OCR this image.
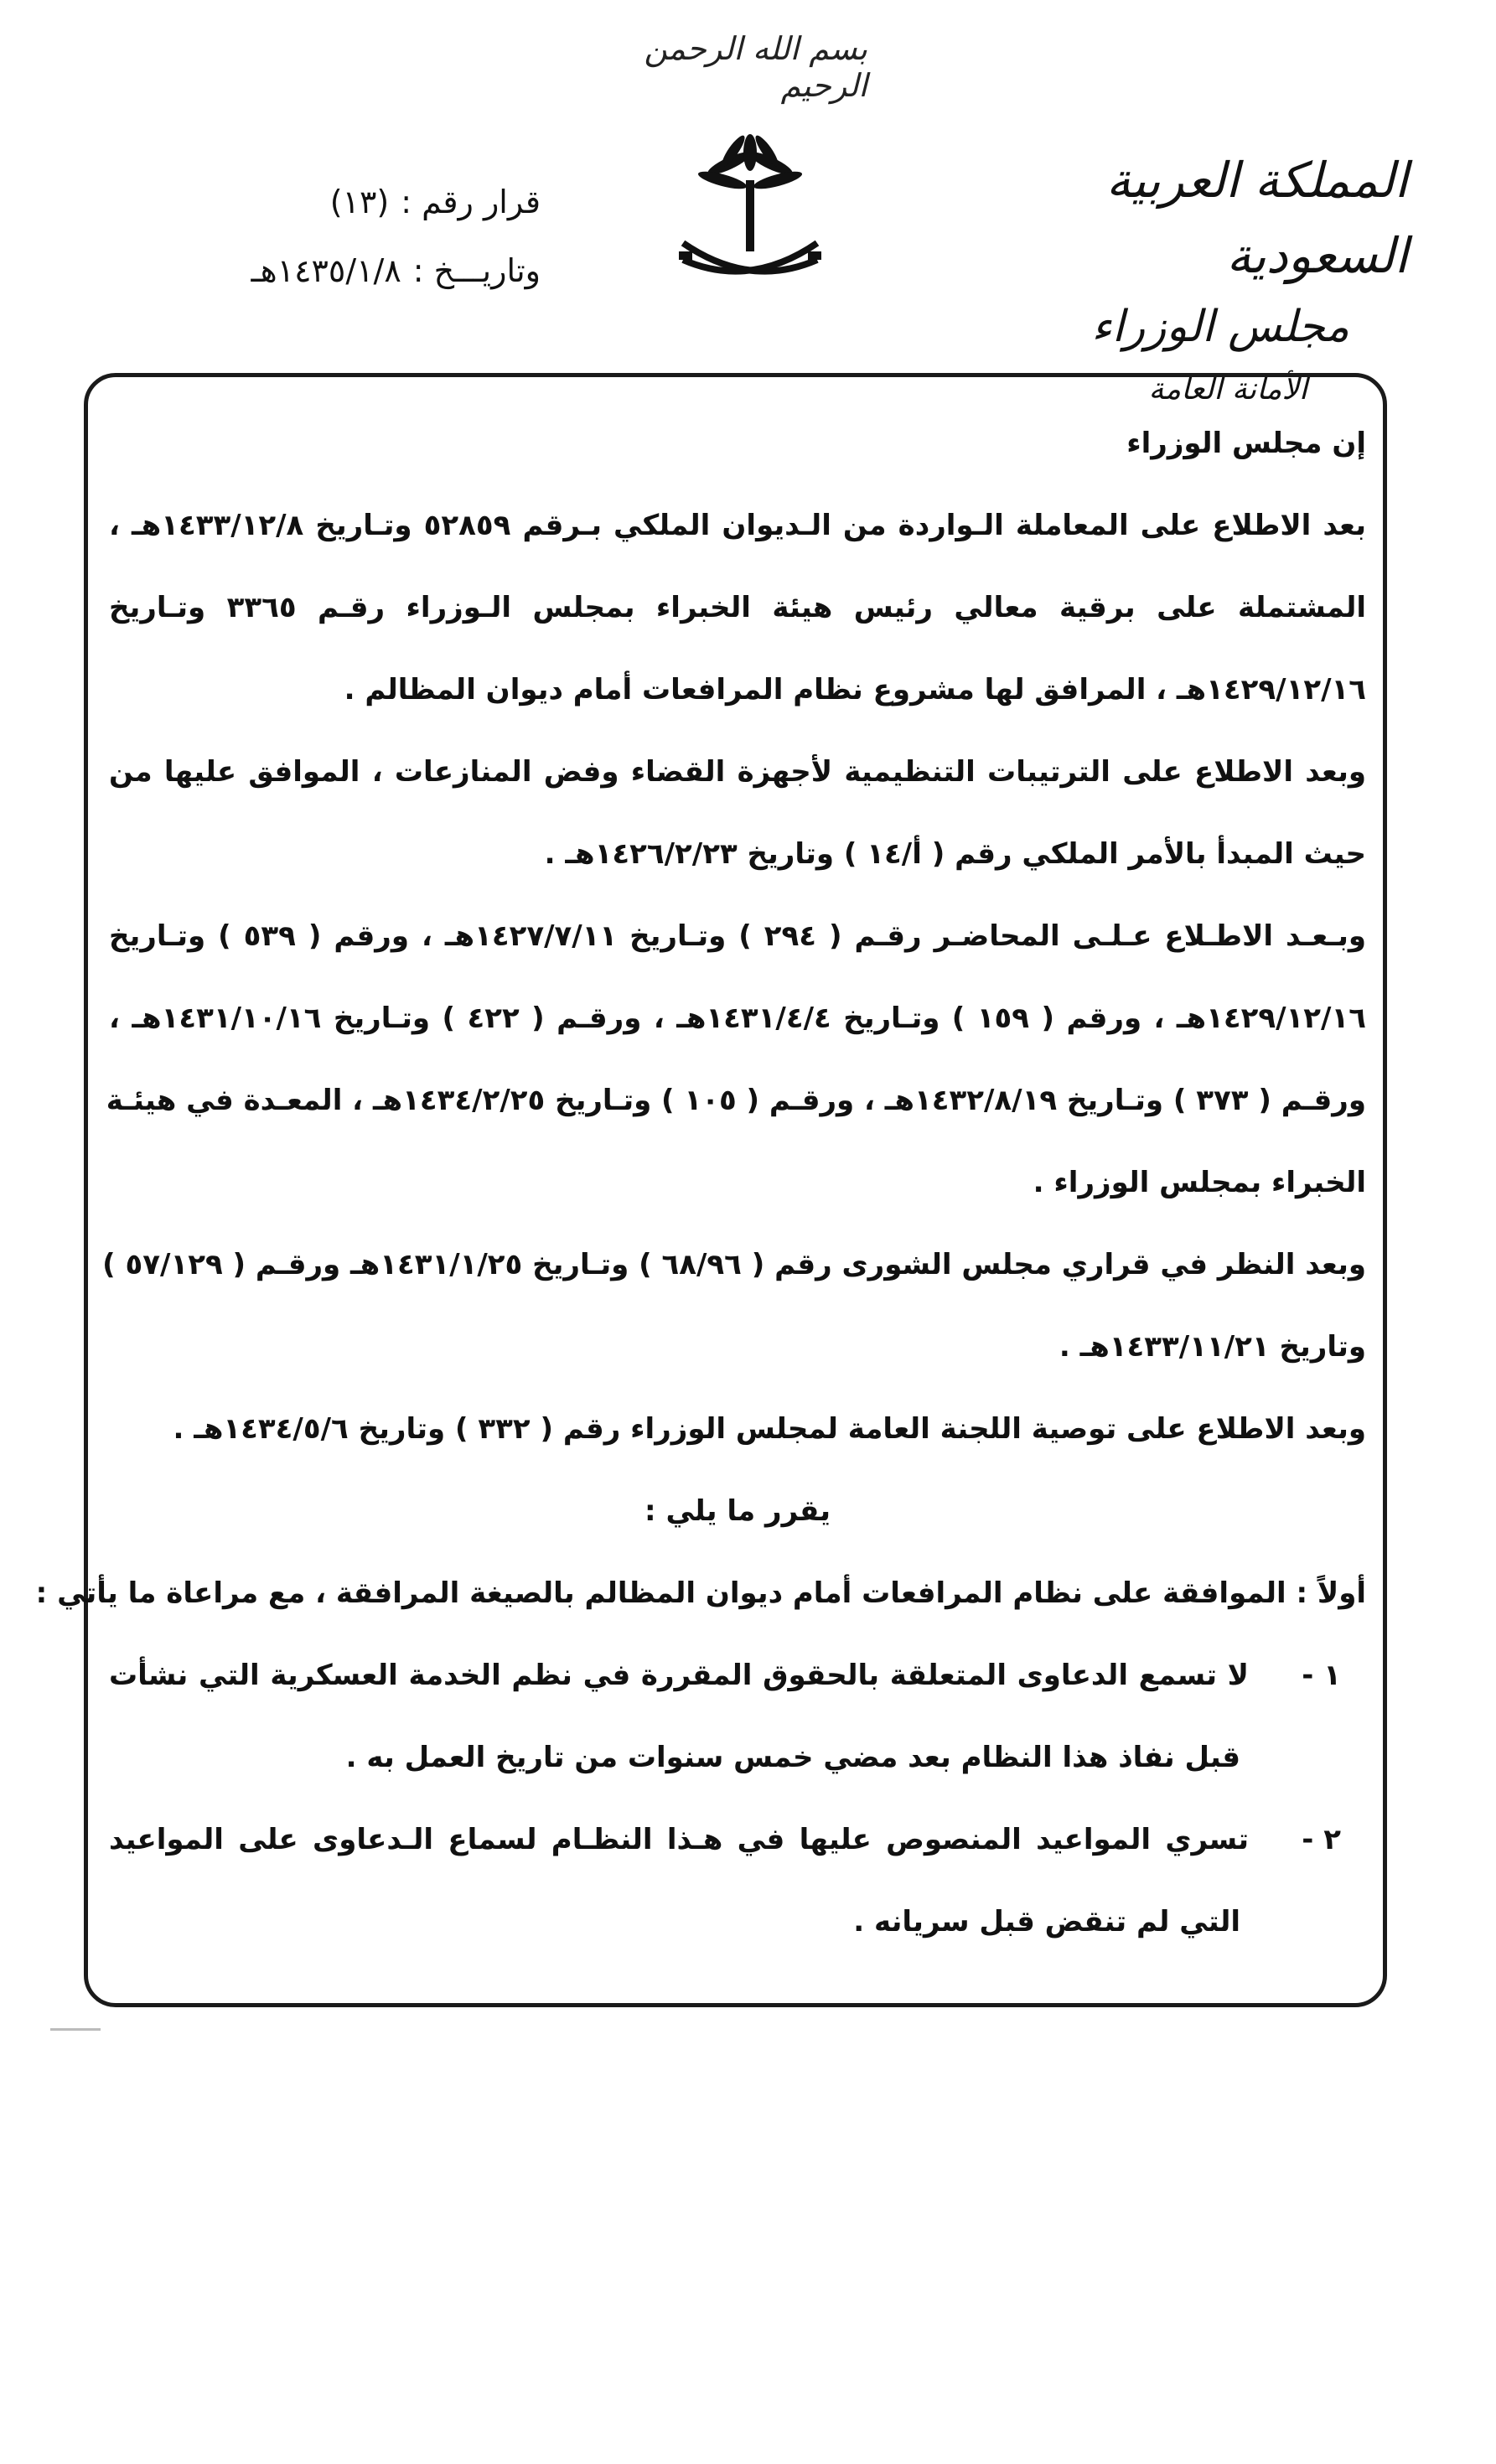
بسم الله الرحمن الرحيم
المملكة العربية السعودية
مجلس الوزراء
الأمانة العامة
قرار رقم :
(١٣)
وتاريـــخ :
١٤٣٥/١/٨هـ
إن مجلس الوزراء
بعد الاطلاع على المعاملة الـواردة من الـديوان الملكي بـرقم ٥٢٨٥٩ وتـاريخ ١٤٣٣/١٢/٨هـ ،
المشتملة على برقية معالي رئيس هيئة الخبراء بمجلس الـوزراء رقـم ٣٣٦٥ وتـاريخ
١٤٢٩/١٢/١٦هـ ، المرافق لها مشروع نظام المرافعات أمام ديوان المظالم .
وبعد الاطلاع على الترتيبات التنظيمية لأجهزة القضاء وفض المنازعات ، الموافق عليها من
حيث المبدأ بالأمر الملكي رقم ( أ/١٤ ) وتاريخ ١٤٢٦/٢/٢٣هـ .
وبـعـد الاطـلاع عـلـى المحاضـر رقـم ( ٢٩٤ ) وتـاريخ ١٤٢٧/٧/١١هـ ، ورقم ( ٥٣٩ ) وتـاريخ
١٤٢٩/١٢/١٦هـ ، ورقم ( ١٥٩ ) وتـاريخ ١٤٣١/٤/٤هـ ، ورقـم ( ٤٢٢ ) وتـاريخ ١٤٣١/١٠/١٦هـ ،
ورقـم ( ٣٧٣ ) وتـاريخ ١٤٣٢/٨/١٩هـ ، ورقـم ( ١٠٥ ) وتـاريخ ١٤٣٤/٢/٢٥هـ ، المعـدة في هيئـة
الخبراء بمجلس الوزراء .
وبعد النظر في قراري مجلس الشورى رقم ( ٦٨/٩٦ ) وتـاريخ ١٤٣١/١/٢٥هـ ورقـم ( ٥٧/١٢٩ )
وتاريخ ١٤٣٣/١١/٢١هـ .
وبعد الاطلاع على توصية اللجنة العامة لمجلس الوزراء رقم ( ٣٣٢ ) وتاريخ ١٤٣٤/٥/٦هـ .
يقرر ما يلي :
أولاً : الموافقة على نظام المرافعات أمام ديوان المظالم بالصيغة المرافقة ، مع مراعاة ما يأتي :
١ -
لا تسمع الدعاوى المتعلقة بالحقوق المقررة في نظم الخدمة العسكرية التي نشأت
قبل نفاذ هذا النظام بعد مضي خمس سنوات من تاريخ العمل به .
٢ -
تسري المواعيد المنصوص عليها في هـذا النظـام لسماع الـدعاوى على المواعيد
التي لم تنقض قبل سريانه .
